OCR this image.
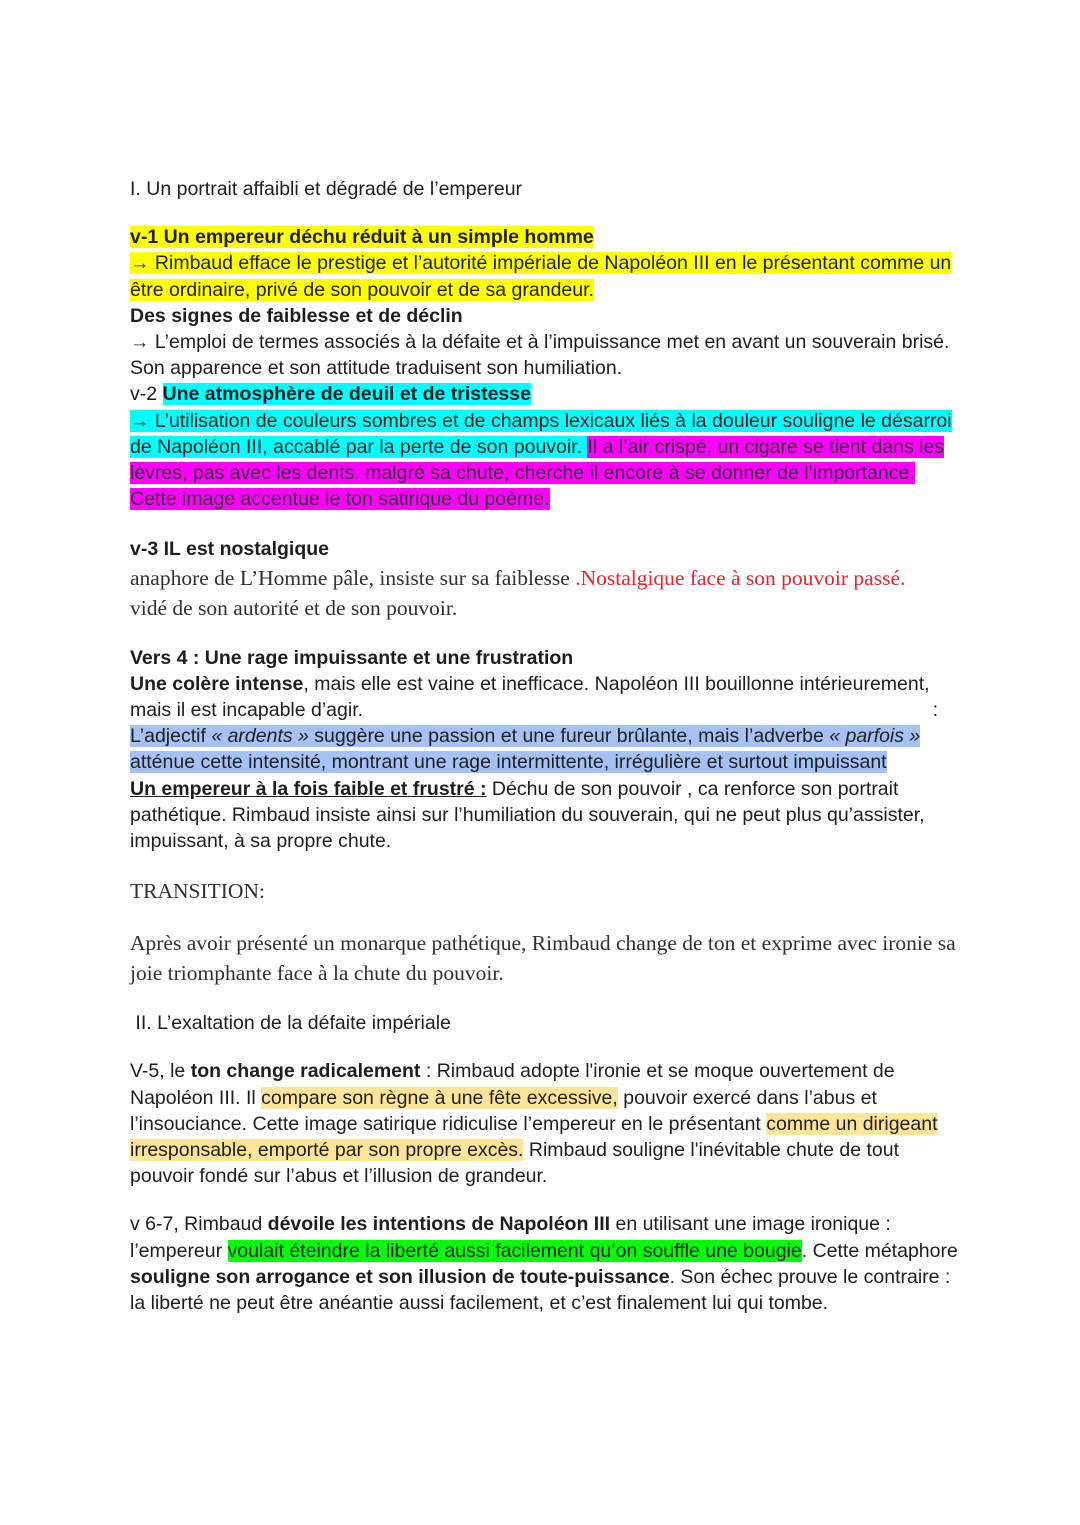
I. Un portrait affaibli et dégradé de l’empereur

v-1 Un empereur déchu réduit à un simple homme
→ Rimbaud efface le prestige et l’autorité impériale de Napoléon III en le présentant comme un être ordinaire, privé de son pouvoir et de sa grandeur.

Des signes de faiblesse et de déclin
→ L’emploi de termes associés à la défaite et à l’impuissance met en avant un souverain brisé. Son apparence et son attitude traduisent son humiliation.

v-2 Une atmosphère de deuil et de tristesse
→ L’utilisation de couleurs sombres et de champs lexicaux liés à la douleur souligne le désarroi de Napoléon III, accablé par la perte de son pouvoir. Il a l’air crispé, un cigare se tient dans les lèvres, pas avec les dents. malgré sa chute, cherche il encore à se donner de l’importance. Cette image accentue le ton satirique du poème.

v-3 IL est nostalgique

anaphore de L’Homme pâle, insiste sur sa faiblesse .Nostalgique face à son pouvoir passé.
vidé de son autorité et de son pouvoir.

Vers 4 : Une rage impuissante et une frustration
Une colère intense, mais elle est vaine et inefficace. Napoléon III bouillonne intérieurement, mais il est incapable d’agir.	:

L’adjectif « ardents » suggère une passion et une fureur brûlante, mais l’adverbe « parfois » atténue cette intensité, montrant une rage intermittente, irrégulière et surtout impuissant
Un empereur à la fois faible et frustré : Déchu de son pouvoir , ca renforce son portrait pathétique. Rimbaud insiste ainsi sur l’humiliation du souverain, qui ne peut plus qu’assister, impuissant, à sa propre chute.

TRANSITION:

Après avoir présenté un monarque pathétique, Rimbaud change de ton et exprime avec ironie sa joie triomphante face à la chute du pouvoir.

II. L’exaltation de la défaite impériale

V-5, le ton change radicalement : Rimbaud adopte l'ironie et se moque ouvertement de Napoléon III. Il compare son règne à une fête excessive, pouvoir exercé dans l’abus et l’insouciance. Cette image satirique ridiculise l’empereur en le présentant comme un dirigeant irresponsable, emporté par son propre excès. Rimbaud souligne l'inévitable chute de tout pouvoir fondé sur l’abus et l’illusion de grandeur.

v 6-7, Rimbaud dévoile les intentions de Napoléon III en utilisant une image ironique : l’empereur voulait éteindre la liberté aussi facilement qu’on souffle une bougie. Cette métaphore souligne son arrogance et son illusion de toute-puissance. Son échec prouve le contraire : la liberté ne peut être anéantie aussi facilement, et c’est finalement lui qui tombe.
